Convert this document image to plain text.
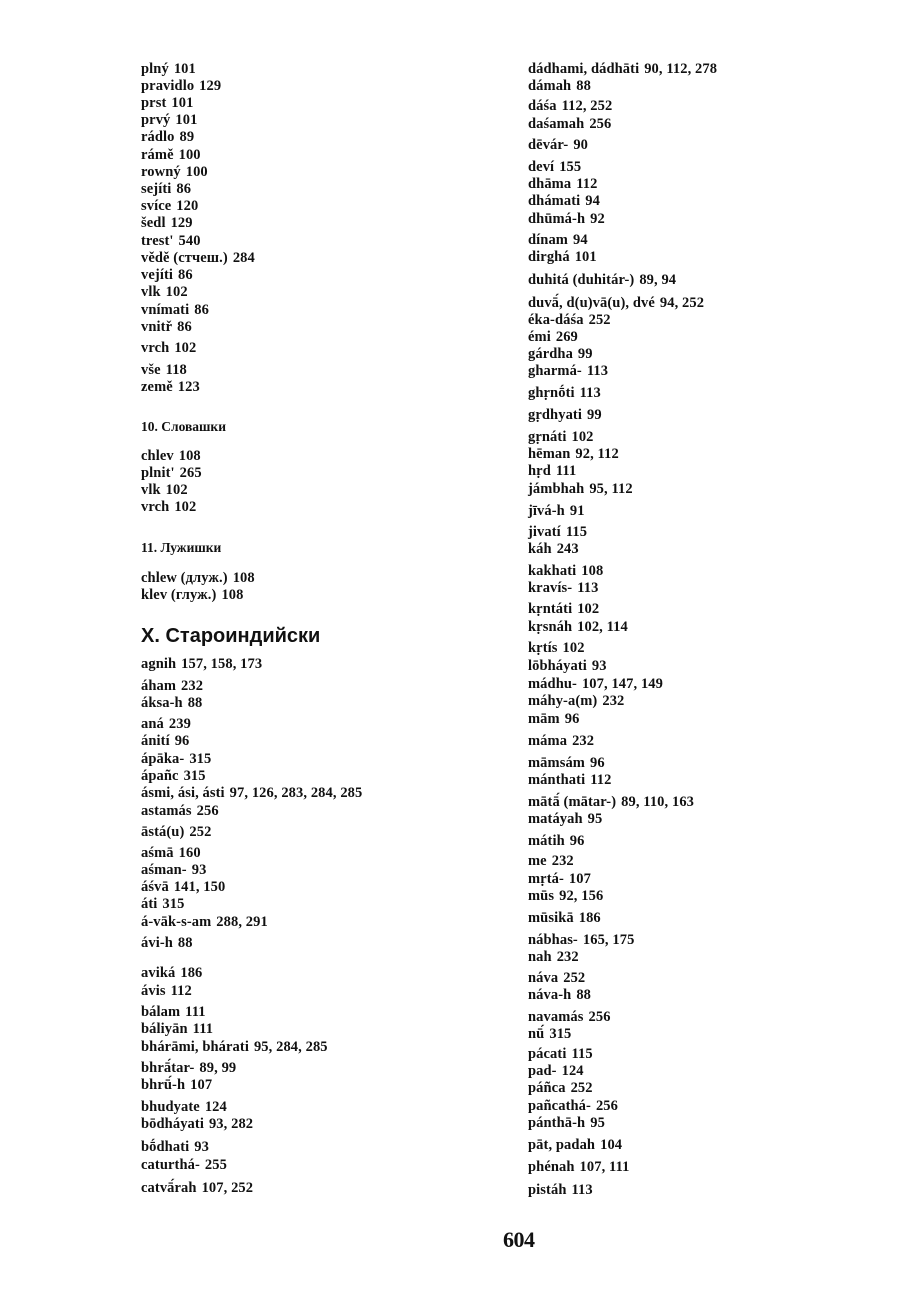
plný 101
pravidlo 129
prst 101
prvý 101
rádlo 89
rámě 100
rowný 100
sejíti 86
svíce 120
šedl 129
trest' 540
vědě (стчеш.) 284
vejíti 86
vlk 102
vnímati 86
vnitř 86
vrch 102
vše 118
země 123
chlev 108
plnit' 265
vlk 102
vrch 102
chlew (длуж.) 108
klev (глуж.) 108
agnih 157, 158, 173
áham 232
áksa-h 88
aná 239
ánití 96
ápāka- 315
ápañc 315
ásmi, ási, ásti 97, 126, 283, 284, 285
astamás 256
āstá(u) 252
aśmā 160
aśman- 93
áśvā 141, 150
áti 315
á-vāk-s-am 288, 291
ávi-h 88
aviká 186
ávis 112
bálam 111
báliyān 111
bhárāmi, bhárati 95, 284, 285
bhrā́tar- 89, 99
bhrū́-h 107
bhudyate 124
bōdháyati 93, 282
bṓdhati 93
caturthá- 255
catvā́rah 107, 252
dádhami, dádhāti 90, 112, 278
dámah 88
dáśa 112, 252
daśamah 256
dēvár- 90
deví 155
dhāma 112
dhámati 94
dhūmá-h 92
dínam 94
dirghá 101
duhitá (duhitár-) 89, 94
duvā́, d(u)vā(u), dvé 94, 252
éka-dáśa 252
émi 269
gárdha 99
gharmá- 113
ghṛnṓti 113
gṛdhyati 99
gṛnáti 102
hēman 92, 112
hṛd 111
jámbhah 95, 112
jīvá-h 91
jivatí 115
káh 243
kakhati 108
kravís- 113
kṛntáti 102
kṛsnáh 102, 114
kṛtís 102
lōbháyati 93
mádhu- 107, 147, 149
máhy-a(m) 232
mām 96
máma 232
māmsám 96
mánthati 112
mātā́ (mātar-) 89, 110, 163
matáyah 95
mátih 96
me 232
mṛtá- 107
mūs 92, 156
mūsikā 186
nábhas- 165, 175
nah 232
náva 252
náva-h 88
navamás 256
nū́ 315
pácati 115
pad- 124
páñca 252
pañcathá- 256
pánthā-h 95
pāt, padah 104
phénah 107, 111
pistáh 113
10. Словашки
11. Лужишки
X. Староиндийски
604
